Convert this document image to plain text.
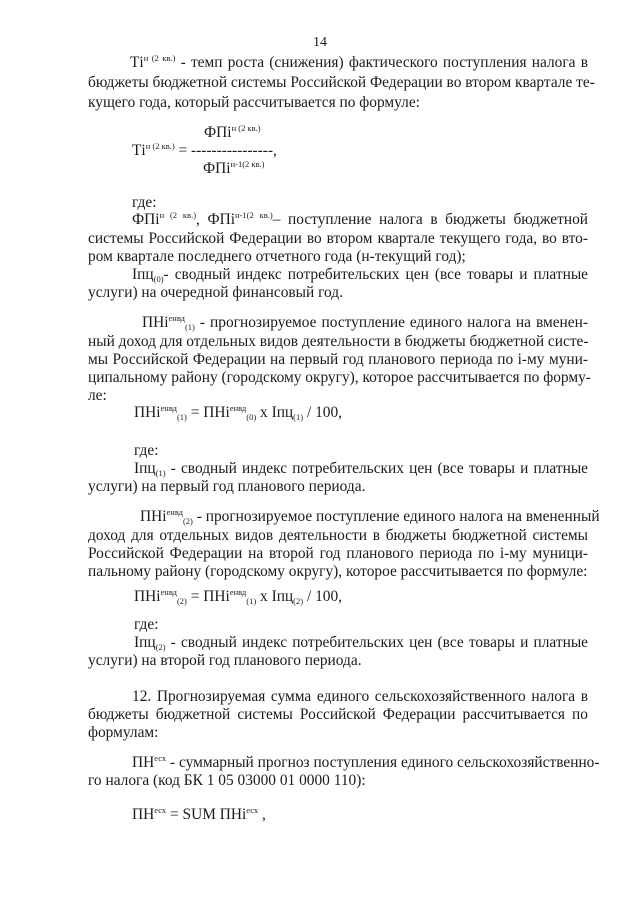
14
$Тi^{н (2 кв.)}$ - темп роста (снижения) фактического поступления налога в
бюджеты бюджетной системы Российской Федерации во втором квартале те-
кущего года, который рассчитывается по формуле:
ФПi$^{н (2 кв.)}$
$Тi^{н (2 кв.)}$ = ----------------,
ФПi$^{н-1(2 кв.)}$
где:
ФПi$^{н (2 кв.)}$, ФПi$^{н-1(2 кв.)}$– поступление налога в бюджеты бюджетной
системы Российской Федерации во втором квартале текущего года, во вто-
ром квартале последнего отчетного года (н-текущий год);
Iпц$_{(0)}$- сводный индекс потребительских цен (все товары и платные
услуги) на очередной финансовый год.
ПНi$^{енвд}_{(1)}$ - прогнозируемое поступление единого налога на вменен-
ный доход для отдельных видов деятельности в бюджеты бюджетной систе-
мы Российской Федерации на первый год планового периода по i-му муни-
ципальному району (городскому округу), которое рассчитывается по форму-
ле:
ПНi$^{енвд}_{(1)}$ = ПНi$^{енвд}_{(0)}$ х Iпц$_{(1)}$ / 100,
где:
Iпц$_{(1)}$ - сводный индекс потребительских цен (все товары и платные
услуги) на первый год планового периода.
ПНi$^{енвд}_{(2)}$ - прогнозируемое поступление единого налога на вмененный
доход для отдельных видов деятельности в бюджеты бюджетной системы
Российской Федерации на второй год планового периода по i-му муници-
пальному району (городскому округу), которое рассчитывается по формуле:
ПНi$^{енвд}_{(2)}$ = ПНi$^{енвд}_{(1)}$ х Iпц$_{(2)}$ / 100,
где:
Iпц$_{(2)}$ - сводный индекс потребительских цен (все товары и платные
услуги) на второй год планового периода.
12. Прогнозируемая сумма единого сельскохозяйственного налога в
бюджеты бюджетной системы Российской Федерации рассчитывается по
формулам:
$ПН^{есх}$ - суммарный прогноз поступления единого сельскохозяйственно-
го налога (код БК 1 05 03000 01 0000 110):
$ПН^{есх}$ = SUM ПНi$^{есх}$ ,
